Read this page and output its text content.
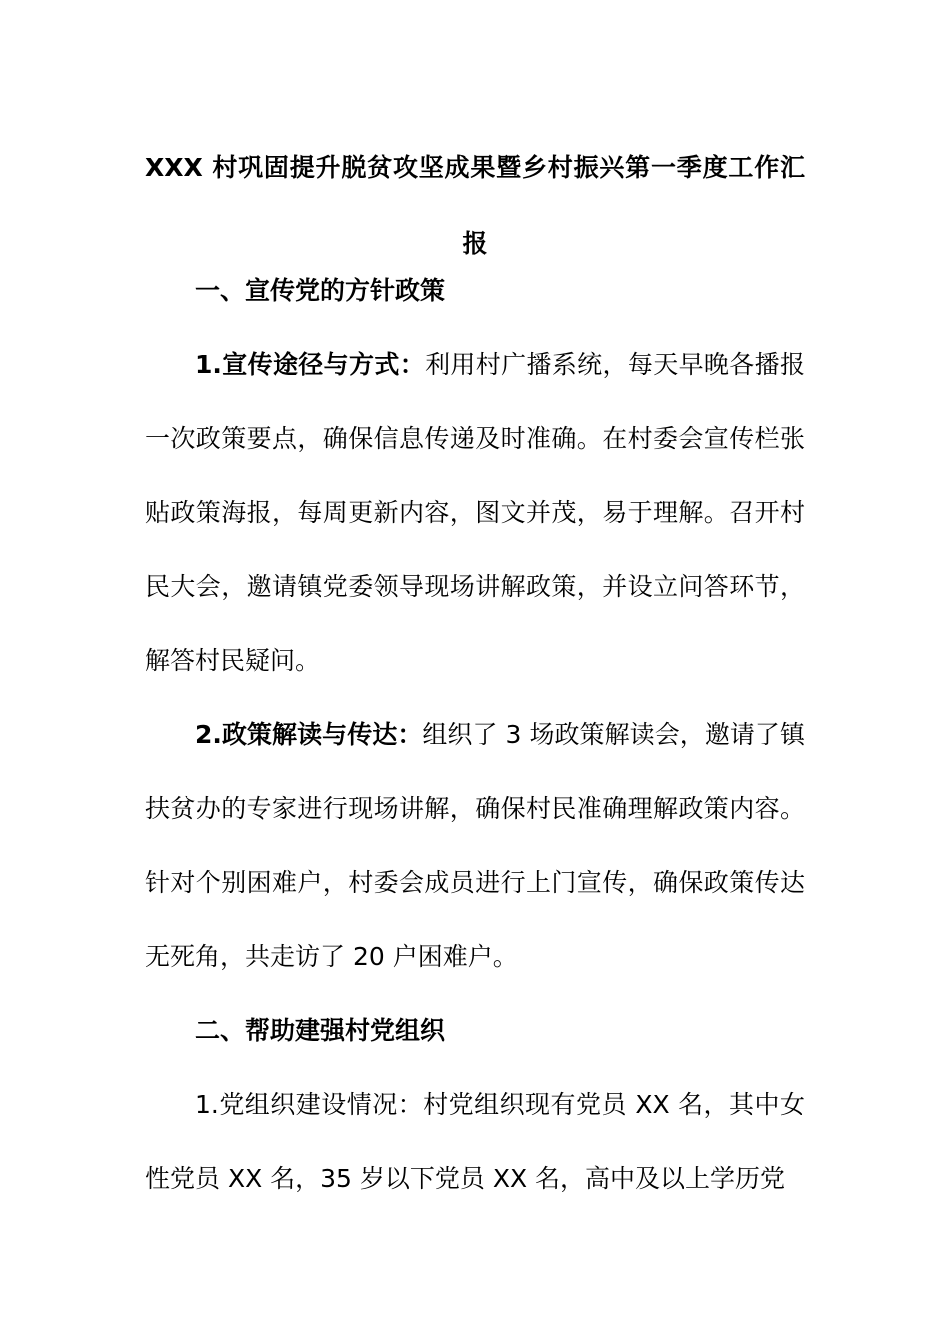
XXX 村巩固提升脱贫攻坚成果暨乡村振兴第一季度工作汇报

一、宣传党的方针政策

1.宣传途径与方式：利用村广播系统，每天早晚各播报一次政策要点，确保信息传递及时准确。在村委会宣传栏张贴政策海报，每周更新内容，图文并茂，易于理解。召开村民大会，邀请镇党委领导现场讲解政策，并设立问答环节，解答村民疑问。

2.政策解读与传达：组织了 3 场政策解读会，邀请了镇扶贫办的专家进行现场讲解，确保村民准确理解政策内容。针对个别困难户，村委会成员进行上门宣传，确保政策传达无死角，共走访了 20 户困难户。

二、帮助建强村党组织

1.党组织建设情况：村党组织现有党员 XX 名，其中女性党员 XX 名，35 岁以下党员 XX 名，高中及以上学历党
